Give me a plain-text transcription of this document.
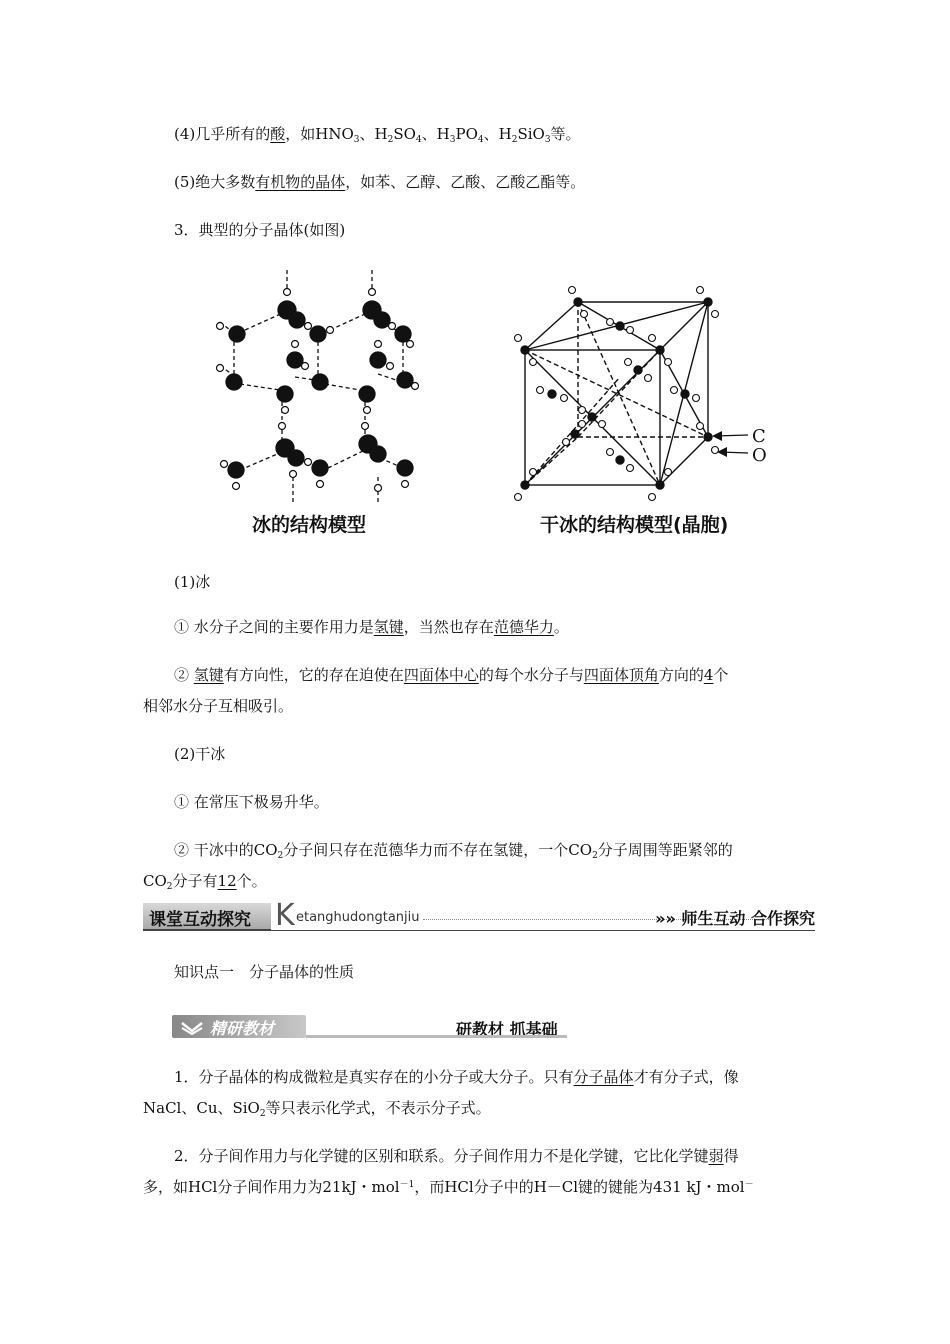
(4)几乎所有的酸，如$HNO_3$、$H_2SO_4$、$H_3PO_4$、$H_2SiO_3$等。
(5)绝大多数有机物的晶体，如苯、乙醇、乙酸、乙酸乙酯等。
3．典型的分子晶体(如图)
C
O
冰的结构模型	干冰的结构模型(晶胞)
(1)冰
① 水分子之间的主要作用力是氢键，当然也存在范德华力。
② 氢键有方向性，它的存在迫使在四面体中心的每个水分子与四面体顶角方向的4个
相邻水分子互相吸引。
(2)干冰
① 在常压下极易升华。
② 干冰中的$CO_2$分子间只存在范德华力而不存在氢键，一个$CO_2$分子周围等距紧邻的
$CO_2$分子有12个。
课堂互动探究 K etanghudongtanjiu	»» 师生互动 合作探究
知识点一　分子晶体的性质
精研教材	研教材 抓基础
1．分子晶体的构成微粒是真实存在的小分子或大分子。只有分子晶体才有分子式，像
NaCl、Cu、SiO$_2$等只表示化学式，不表示分子式。
2．分子间作用力与化学键的区别和联系。分子间作用力不是化学键，它比化学键弱得
多，如HCl分子间作用力为21kJ・mol$^{-1}$，而HCl分子中的H－Cl键的键能为431 kJ・mol－
